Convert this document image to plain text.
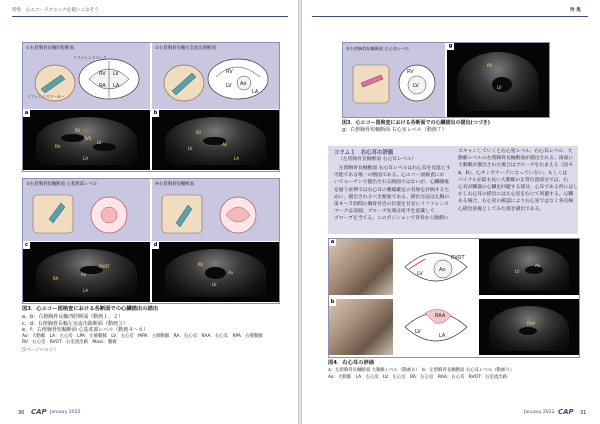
特集　心エコーテクニックを使いこなそう
①右傍胸骨長軸四腔断面
RV LV
RA LA
リファレンスマーク
リファレンスマーカー
②右傍胸骨長軸左室流出路断面
RV
LV Ao
LA
a
RV
RA
LV
LA
IVS
b
RV
LV
Ao
LA
③右傍胸骨短軸断面 心基底部レベル	④右傍胸骨短軸断面
c
RA
Ao
RVOT
LA
d
RV
LV
Ao
図3．心エコー図検査における各断面での心臓描出の描出
a，b：右傍胸骨長軸四腔断面（動画１，２）
c，d：右傍胸骨長軸左室流出路断面（動画３）
e，f：右傍胸骨短軸断面 心基底部レベル（動画４～６）
Ao：大動脈　LA：左心房　LPA：左肺動脈　LV：左心室　MPA：主肺動脈　RA：右心房　RAA：右心耳　RPA：右肺動脈
RV：右心室　RVOT：右室流出路　Mass：腫瘤
次ページへつづく
30 CAP January 2022
特 集
⑤右傍胸骨短軸断面 右心室レベル
RV
LV
g
RV
LV
図3．心エコー図検査における各断面での心臓描出の描出(つづき)
g：右傍胸骨短軸断面 右心室レベル（動画７）
コラム１　右心耳の評価
（左傍胸骨長軸断面 右心耳レベル）
　左傍胸骨長軸断面 右心耳レベルは右心耳を見落とす
可能である唯一の断面である。心エコー図検査にお
いてルーチンで描出される断面ではないが、心臓腫瘍
を疑う症例では右心耳の腫瘍確定の有無を評価するた
めに、描出されるべき断面である。描出方法は左胸の
第４～５肋間の胸骨付近の位置を目安にリファレンス
マークは前頭、プローブ先端は尾平を意識して
プローブを当てる。このポジションで背骨から腹側に
スキャンしていくと右心室レベル、右心耳レベル、大
動脈レベルの左傍胸骨長軸断面が描出される。両面に
大動脈が描出された場合はプローブを右まえる（図４
a，b）。心タンポナーデになっていない。もしくは
パイナルが最も長い大動脈の正常位置部分では、右
心耳が臓器の心臓を回避する部分，心耳である所にはし
かし右心耳の描出には左心室を右にて回避する。心臓
ある場合，右心室の確認により右心室ではなく各点線
心描出前後としてみた描き描出である。
a
LV
Ao
RVOT
LV
Ao
b
LV
LA
RAA
RAA
図4．右心耳の評価
a：左傍胸骨長軸断面 大動脈レベル（動画８）　b：左傍胸骨長軸断面 右心耳レベル（動画９）
Ao：大動脈　LA：左心房　LV：左心室　RA：右心房　RAA：右心耳　RVOT：右室流出路
January 2022 CAP 31
